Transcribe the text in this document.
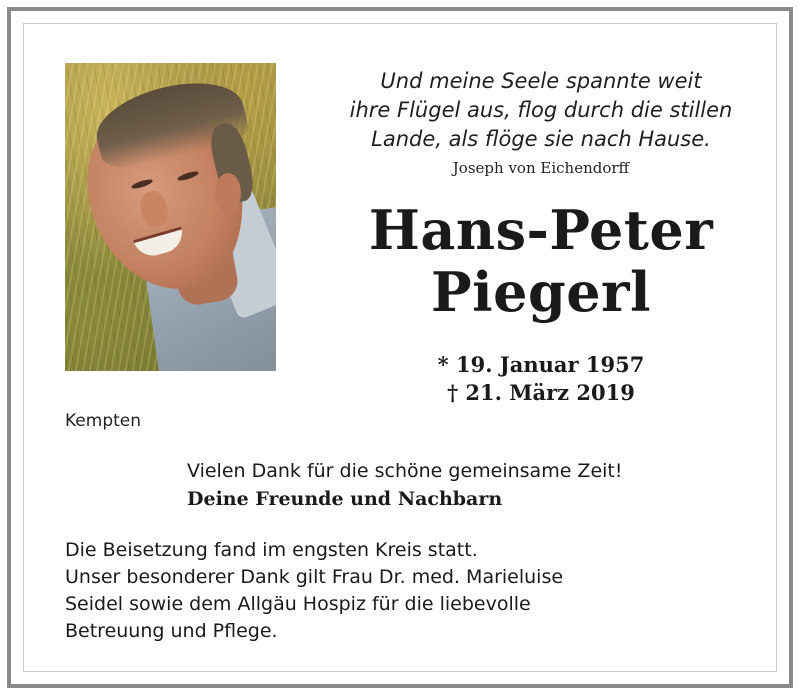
Und meine Seele spannte weit
ihre Flügel aus, flog durch die stillen
Lande, als flöge sie nach Hause.
Joseph von Eichendorff
Hans-Peter
Piegerl
* 19. Januar 1957
† 21. März 2019
Kempten
Vielen Dank für die schöne gemeinsame Zeit!
Deine Freunde und Nachbarn
Die Beisetzung fand im engsten Kreis statt.
Unser besonderer Dank gilt Frau Dr. med. Marieluise
Seidel sowie dem Allgäu Hospiz für die liebevolle
Betreuung und Pflege.
